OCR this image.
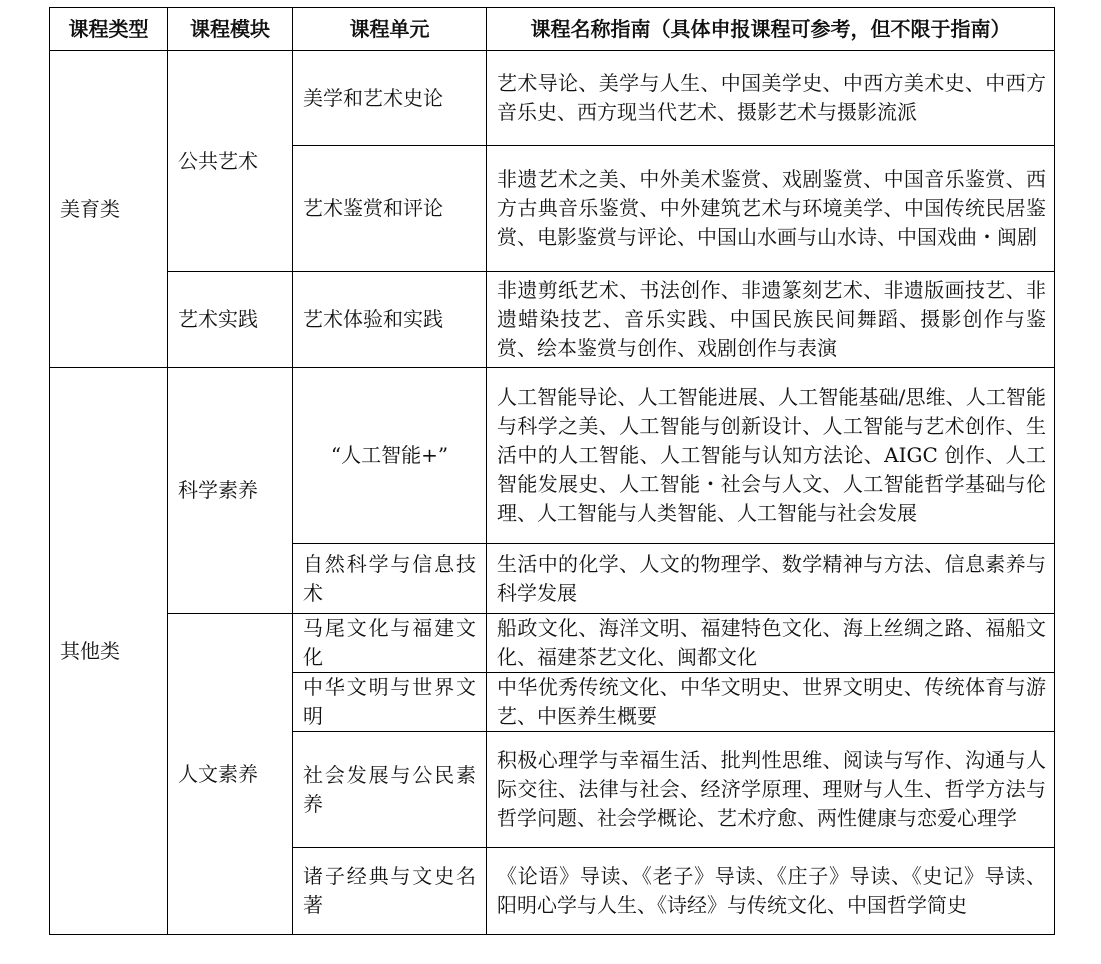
课程类型	课程模块	课程单元	课程名称指南（具体申报课程可参考，但不限于指南）
美育类	公共艺术	美学和艺术史论	艺术导论、美学与人生、中国美学史、中西方美术史、中西方音乐史、西方现当代艺术、摄影艺术与摄影流派
		艺术鉴赏和评论	非遗艺术之美、中外美术鉴赏、戏剧鉴赏、中国音乐鉴赏、西方古典音乐鉴赏、中外建筑艺术与环境美学、中国传统民居鉴赏、电影鉴赏与评论、中国山水画与山水诗、中国戏曲・闽剧
	艺术实践	艺术体验和实践	非遗剪纸艺术、书法创作、非遗篆刻艺术、非遗版画技艺、非遗蜡染技艺、音乐实践、中国民族民间舞蹈、摄影创作与鉴赏、绘本鉴赏与创作、戏剧创作与表演
其他类	科学素养	“人工智能+”	人工智能导论、人工智能进展、人工智能基础/思维、人工智能与科学之美、人工智能与创新设计、人工智能与艺术创作、生活中的人工智能、人工智能与认知方法论、AIGC 创作、人工智能发展史、人工智能・社会与人文、人工智能哲学基础与伦理、人工智能与人类智能、人工智能与社会发展
		自然科学与信息技术	生活中的化学、人文的物理学、数学精神与方法、信息素养与科学发展
	人文素养	马尾文化与福建文化	船政文化、海洋文明、福建特色文化、海上丝绸之路、福船文化、福建茶艺文化、闽都文化
		中华文明与世界文明	中华优秀传统文化、中华文明史、世界文明史、传统体育与游艺、中医养生概要
		社会发展与公民素养	积极心理学与幸福生活、批判性思维、阅读与写作、沟通与人际交往、法律与社会、经济学原理、理财与人生、哲学方法与哲学问题、社会学概论、艺术疗愈、两性健康与恋爱心理学
		诸子经典与文史名著	《论语》导读、《老子》导读、《庄子》导读、《史记》导读、阳明心学与人生、《诗经》与传统文化、中国哲学简史
